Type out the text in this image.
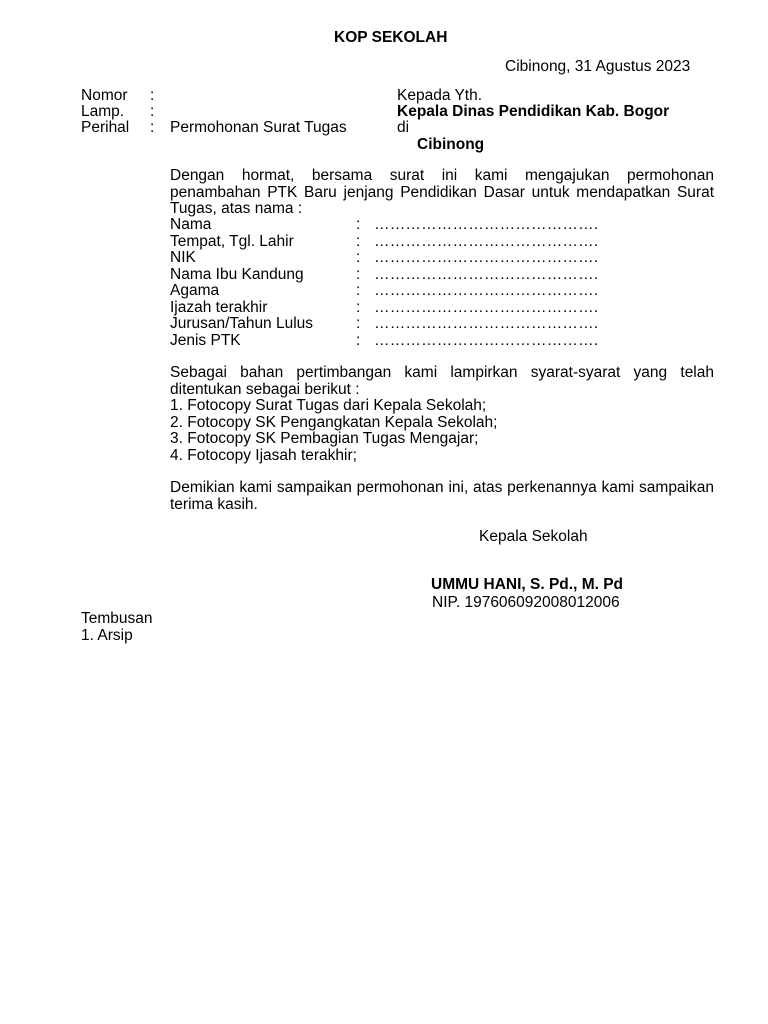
KOP SEKOLAH
Cibinong, 31 Agustus 2023
Nomor :
Lamp. :
Perihal : Permohonan Surat Tugas
Kepada Yth.
Kepala Dinas Pendidikan Kab. Bogor
di
Cibinong
Dengan hormat, bersama surat ini kami mengajukan permohonan penambahan PTK Baru jenjang Pendidikan Dasar untuk mendapatkan Surat Tugas, atas nama :
Nama	: …………………………………….
Tempat, Tgl. Lahir	: …………………………………….
NIK	: …………………………………….
Nama Ibu Kandung	: …………………………………….
Agama	: …………………………………….
Ijazah terakhir	: …………………………………….
Jurusan/Tahun Lulus	: …………………………………….
Jenis PTK	: …………………………………….
Sebagai bahan pertimbangan kami lampirkan syarat-syarat yang telah ditentukan sebagai berikut :
1. Fotocopy Surat Tugas dari Kepala Sekolah;
2. Fotocopy SK Pengangkatan Kepala Sekolah;
3. Fotocopy SK Pembagian Tugas Mengajar;
4. Fotocopy Ijasah terakhir;
Demikian kami sampaikan permohonan ini, atas perkenannya kami sampaikan terima kasih.
Kepala Sekolah
UMMU HANI, S. Pd., M. Pd
NIP. 197606092008012006
Tembusan
1. Arsip
